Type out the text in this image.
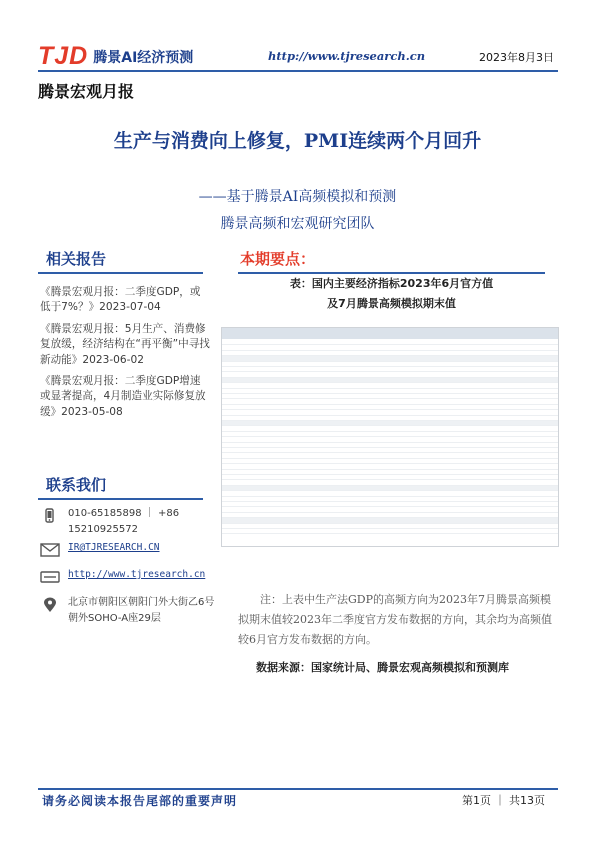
TJD 腾景AI经济预测	http://www.tjresearch.cn	2023年8月3日
腾景宏观月报
生产与消费向上修复，PMI连续两个月回升
——基于腾景AI高频模拟和预测
腾景高频和宏观研究团队
相关报告
《腾景宏观月报：二季度GDP，或低于7%？》2023-07-04
《腾景宏观月报：5月生产、消费修复放缓，经济结构在“再平衡”中寻找新动能》2023-06-02
《腾景宏观月报：二季度GDP增速或显著提高，4月制造业实际修复放缓》2023-05-08
联系我们
010-65185898 ｜ +86 15210925572
IR@TJRESEARCH.CN
http://www.tjresearch.cn
北京市朝阳区朝阳门外大街乙6号朝外SOHO-A座29层
本期要点：
表：国内主要经济指标2023年6月官方值
及7月腾景高频模拟期末值
注：上表中生产法GDP的高频方向为2023年7月腾景高频模拟期末值较2023年二季度官方发布数据的方向，其余均为高频值较6月官方发布数据的方向。
数据来源：国家统计局、腾景宏观高频模拟和预测库
请务必阅读本报告尾部的重要声明	第1页 ｜ 共13页
